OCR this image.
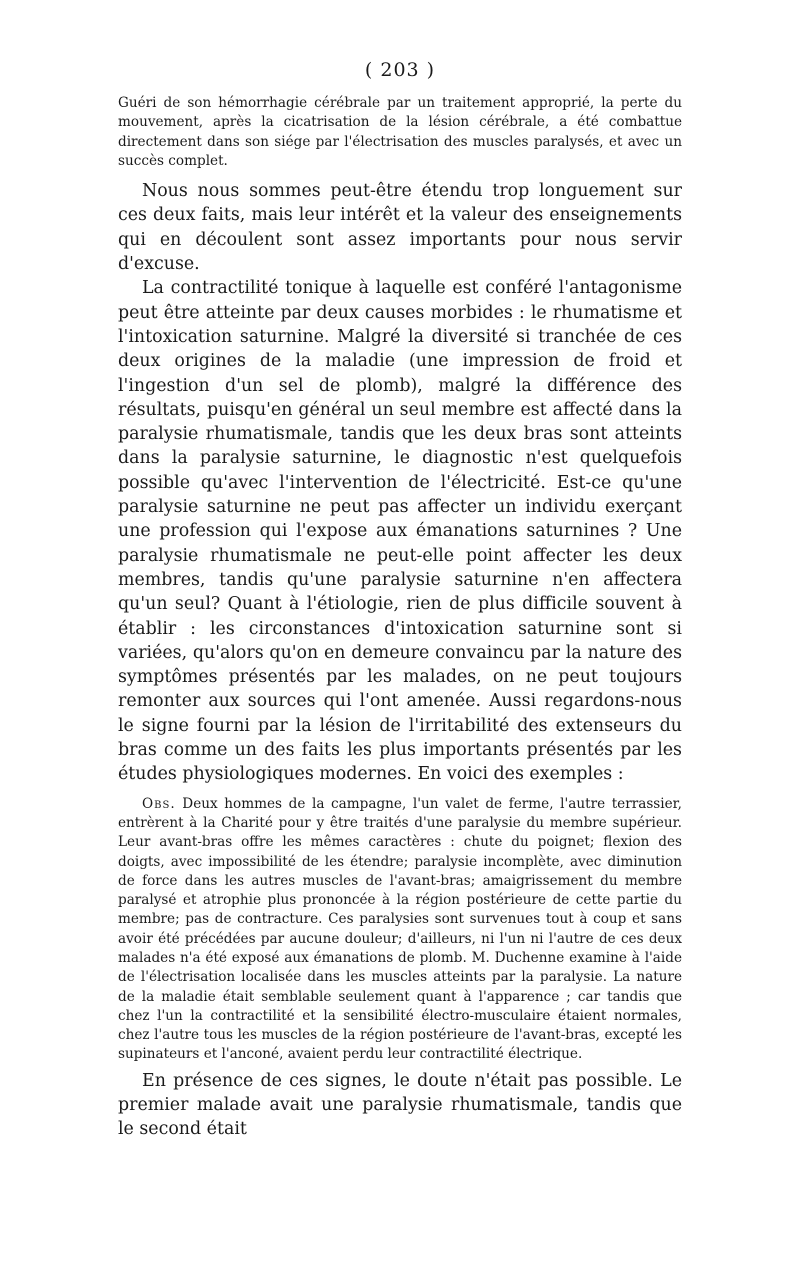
( 203 )

Guéri de son hémorrhagie cérébrale par un traitement approprié, la perte du mouvement, après la cicatrisation de la lésion cérébrale, a été combattue directement dans son siége par l'électrisation des muscles paralysés, et avec un succès complet.

Nous nous sommes peut-être étendu trop longuement sur ces deux faits, mais leur intérêt et la valeur des enseignements qui en découlent sont assez importants pour nous servir d'excuse.

La contractilité tonique à laquelle est conféré l'antagonisme peut être atteinte par deux causes morbides : le rhumatisme et l'intoxication saturnine. Malgré la diversité si tranchée de ces deux origines de la maladie (une impression de froid et l'ingestion d'un sel de plomb), malgré la différence des résultats, puisqu'en général un seul membre est affecté dans la paralysie rhumatismale, tandis que les deux bras sont atteints dans la paralysie saturnine, le diagnostic n'est quelquefois possible qu'avec l'intervention de l'électricité. Est-ce qu'une paralysie saturnine ne peut pas affecter un individu exerçant une profession qui l'expose aux émanations saturnines ? Une paralysie rhumatismale ne peut-elle point affecter les deux membres, tandis qu'une paralysie saturnine n'en affectera qu'un seul? Quant à l'étiologie, rien de plus difficile souvent à établir : les circonstances d'intoxication saturnine sont si variées, qu'alors qu'on en demeure convaincu par la nature des symptômes présentés par les malades, on ne peut toujours remonter aux sources qui l'ont amenée. Aussi regardons-nous le signe fourni par la lésion de l'irritabilité des extenseurs du bras comme un des faits les plus importants présentés par les études physiologiques modernes. En voici des exemples :

Obs. Deux hommes de la campagne, l'un valet de ferme, l'autre terrassier, entrèrent à la Charité pour y être traités d'une paralysie du membre supérieur. Leur avant-bras offre les mêmes caractères : chute du poignet; flexion des doigts, avec impossibilité de les étendre; paralysie incomplète, avec diminution de force dans les autres muscles de l'avant-bras; amaigrissement du membre paralysé et atrophie plus prononcée à la région postérieure de cette partie du membre; pas de contracture. Ces paralysies sont survenues tout à coup et sans avoir été précédées par aucune douleur; d'ailleurs, ni l'un ni l'autre de ces deux malades n'a été exposé aux émanations de plomb. M. Duchenne examine à l'aide de l'électrisation localisée dans les muscles atteints par la paralysie. La nature de la maladie était semblable seulement quant à l'apparence ; car tandis que chez l'un la contractilité et la sensibilité électro-musculaire étaient normales, chez l'autre tous les muscles de la région postérieure de l'avant-bras, excepté les supinateurs et l'anconé, avaient perdu leur contractilité électrique.

En présence de ces signes, le doute n'était pas possible. Le premier malade avait une paralysie rhumatismale, tandis que le second était
